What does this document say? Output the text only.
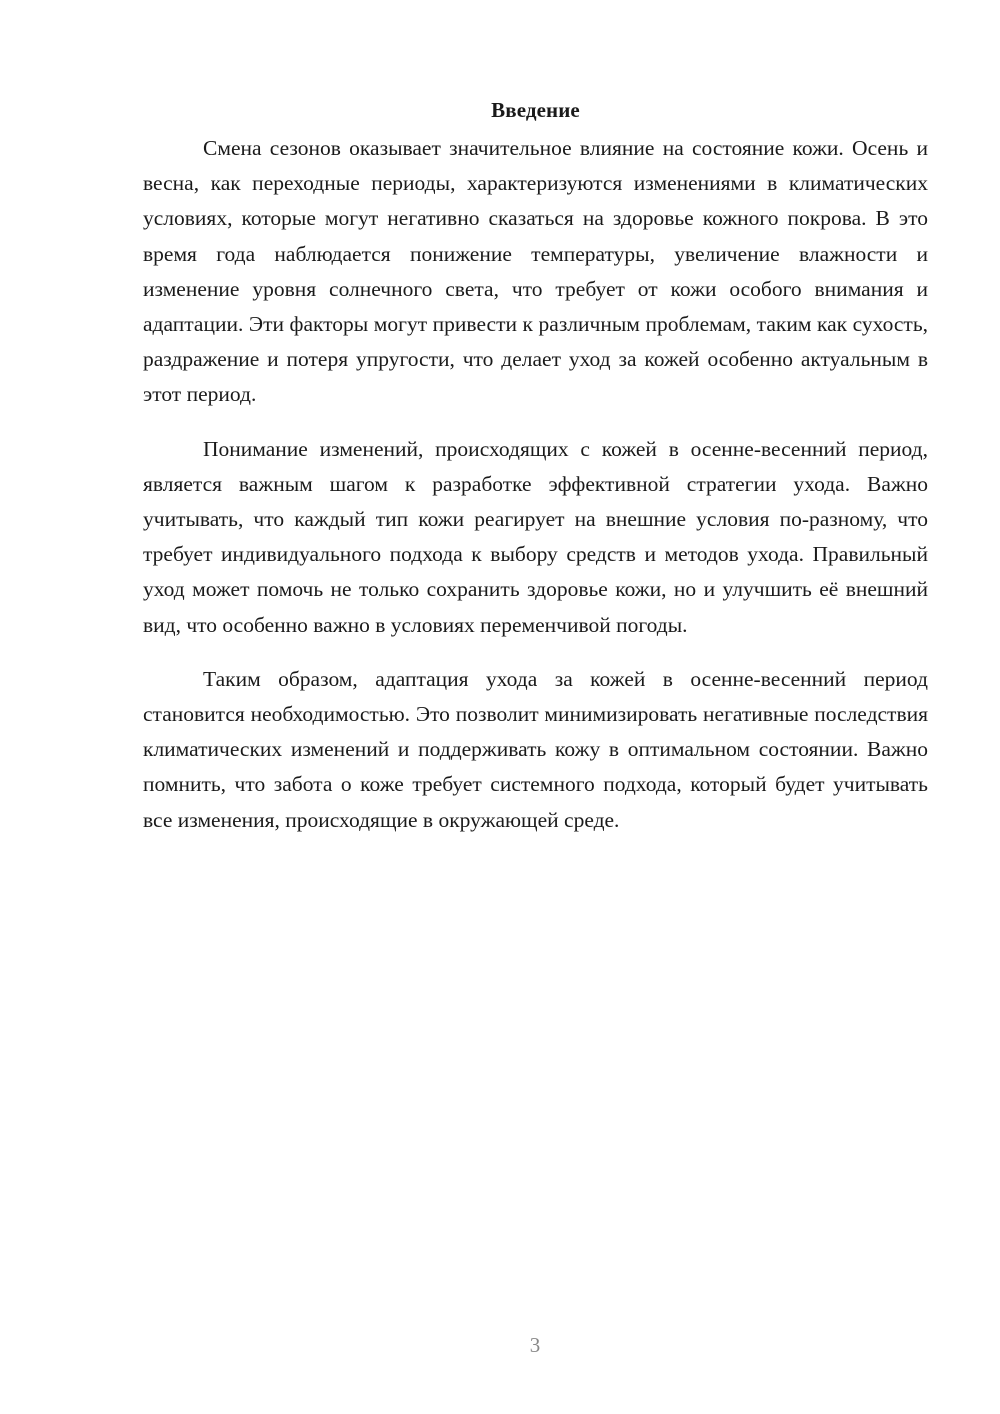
Введение

Смена сезонов оказывает значительное влияние на состояние кожи. Осень и весна, как переходные периоды, характеризуются изменениями в климатических условиях, которые могут негативно сказаться на здоровье кожного покрова. В это время года наблюдается понижение температуры, увеличение влажности и изменение уровня солнечного света, что требует от кожи особого внимания и адаптации. Эти факторы могут привести к различным проблемам, таким как сухость, раздражение и потеря упругости, что делает уход за кожей особенно актуальным в этот период.

Понимание изменений, происходящих с кожей в осенне-весенний период, является важным шагом к разработке эффективной стратегии ухода. Важно учитывать, что каждый тип кожи реагирует на внешние условия по-разному, что требует индивидуального подхода к выбору средств и методов ухода. Правильный уход может помочь не только сохранить здоровье кожи, но и улучшить её внешний вид, что особенно важно в условиях переменчивой погоды.

Таким образом, адаптация ухода за кожей в осенне-весенний период становится необходимостью. Это позволит минимизировать негативные последствия климатических изменений и поддерживать кожу в оптимальном состоянии. Важно помнить, что забота о коже требует системного подхода, который будет учитывать все изменения, происходящие в окружающей среде.

3
